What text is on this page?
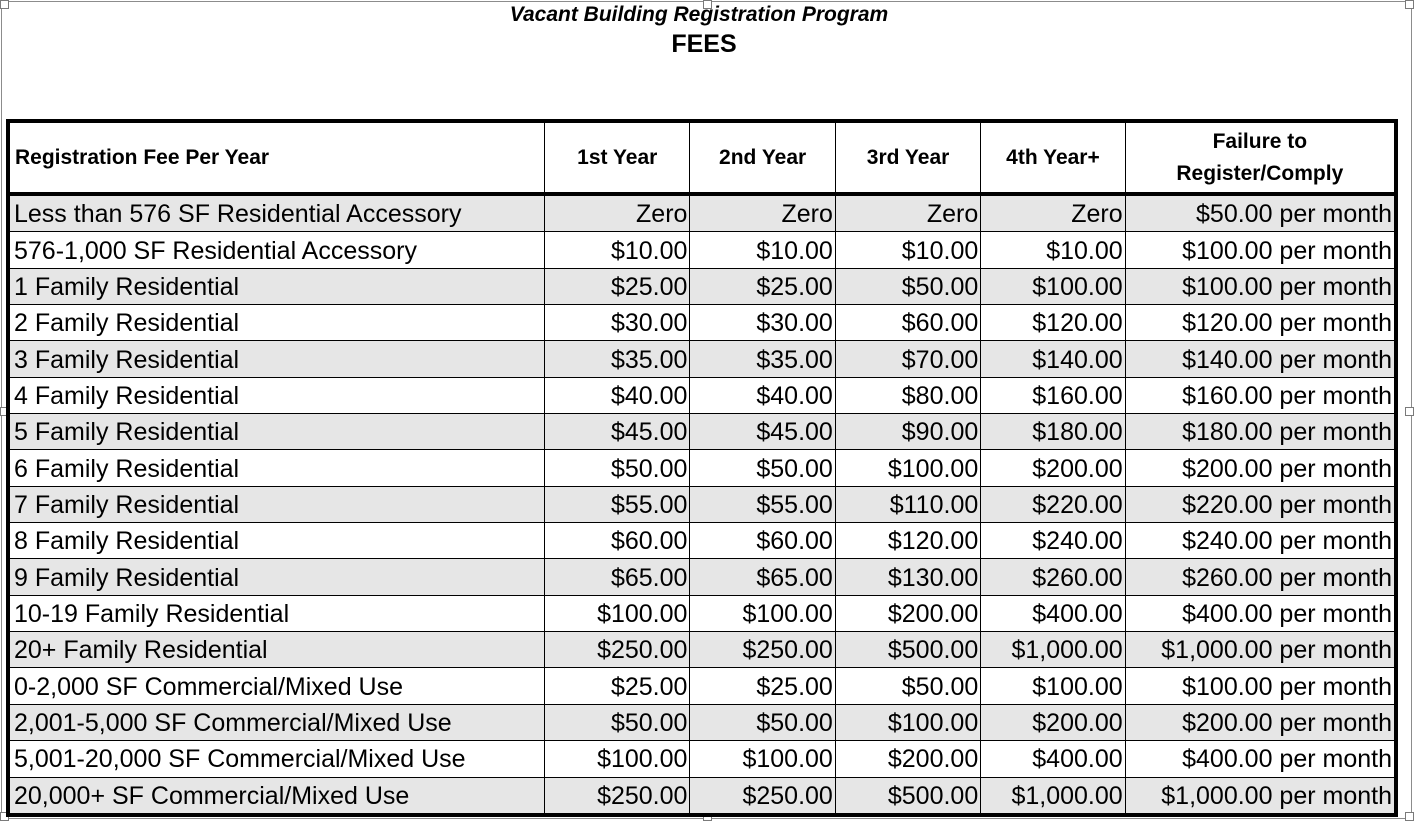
Vacant Building Registration Program
FEES
Registration Fee Per Year	1st Year	2nd Year	3rd Year	4th Year+	Failure to Register/Comply
Less than 576 SF Residential Accessory	Zero	Zero	Zero	Zero	$50.00 per month
576-1,000 SF Residential Accessory	$10.00	$10.00	$10.00	$10.00	$100.00 per month
1 Family Residential	$25.00	$25.00	$50.00	$100.00	$100.00 per month
2 Family Residential	$30.00	$30.00	$60.00	$120.00	$120.00 per month
3 Family Residential	$35.00	$35.00	$70.00	$140.00	$140.00 per month
4 Family Residential	$40.00	$40.00	$80.00	$160.00	$160.00 per month
5 Family Residential	$45.00	$45.00	$90.00	$180.00	$180.00 per month
6 Family Residential	$50.00	$50.00	$100.00	$200.00	$200.00 per month
7 Family Residential	$55.00	$55.00	$110.00	$220.00	$220.00 per month
8 Family Residential	$60.00	$60.00	$120.00	$240.00	$240.00 per month
9 Family Residential	$65.00	$65.00	$130.00	$260.00	$260.00 per month
10-19 Family Residential	$100.00	$100.00	$200.00	$400.00	$400.00 per month
20+ Family Residential	$250.00	$250.00	$500.00	$1,000.00	$1,000.00 per month
0-2,000 SF Commercial/Mixed Use	$25.00	$25.00	$50.00	$100.00	$100.00 per month
2,001-5,000 SF Commercial/Mixed Use	$50.00	$50.00	$100.00	$200.00	$200.00 per month
5,001-20,000 SF Commercial/Mixed Use	$100.00	$100.00	$200.00	$400.00	$400.00 per month
20,000+ SF Commercial/Mixed Use	$250.00	$250.00	$500.00	$1,000.00	$1,000.00 per month
